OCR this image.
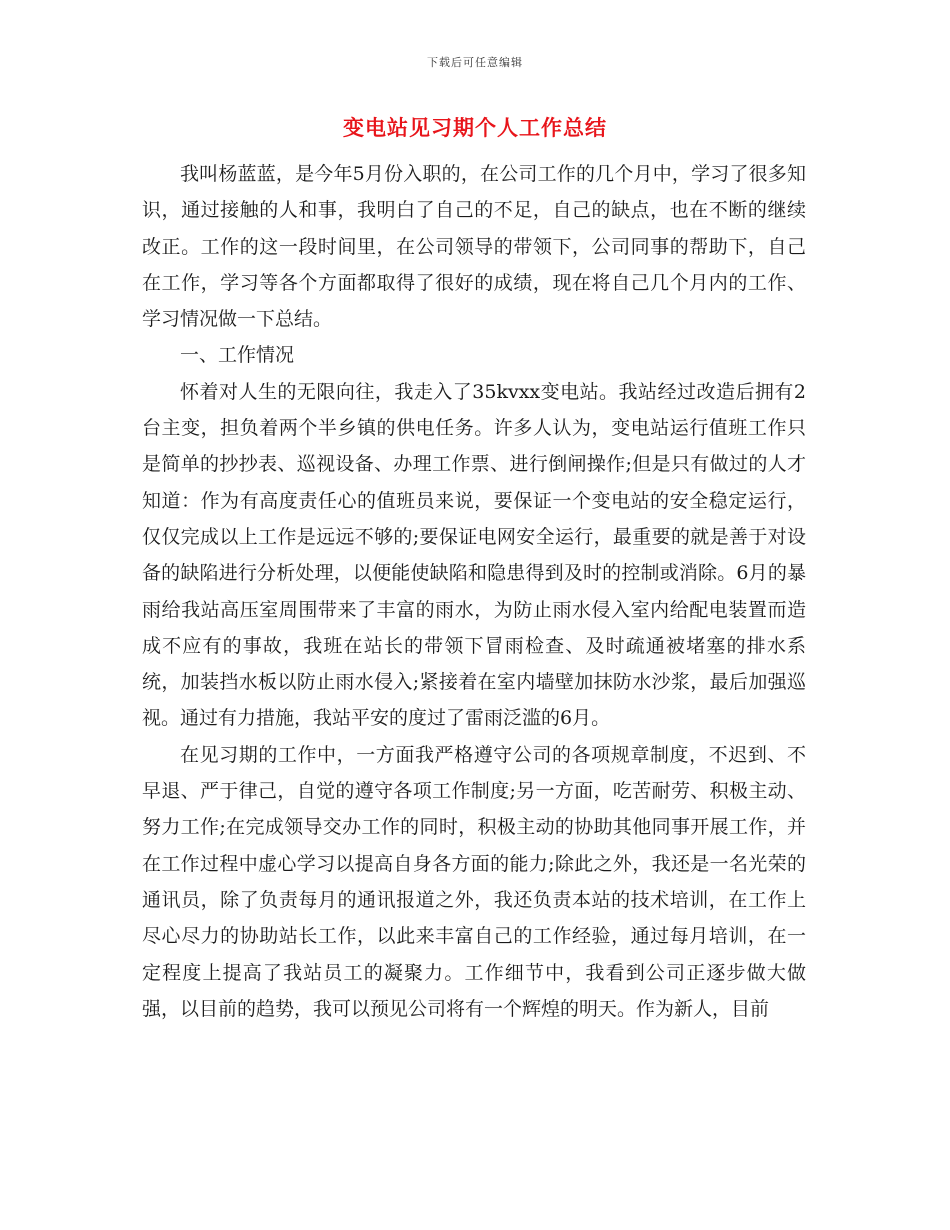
下载后可任意编辑
变电站见习期个人工作总结

我叫杨蓝蓝，是今年5月份入职的，在公司工作的几个月中，学习了很多知识，通过接触的人和事，我明白了自己的不足，自己的缺点，也在不断的继续改正。工作的这一段时间里，在公司领导的带领下，公司同事的帮助下，自己在工作，学习等各个方面都取得了很好的成绩，现在将自己几个月内的工作、学习情况做一下总结。

一、工作情况

怀着对人生的无限向往，我走入了35kvxx变电站。我站经过改造后拥有2台主变，担负着两个半乡镇的供电任务。许多人认为，变电站运行值班工作只是简单的抄抄表、巡视设备、办理工作票、进行倒闸操作;但是只有做过的人才知道：作为有高度责任心的值班员来说，要保证一个变电站的安全稳定运行，仅仅完成以上工作是远远不够的;要保证电网安全运行，最重要的就是善于对设备的缺陷进行分析处理，以便能使缺陷和隐患得到及时的控制或消除。6月的暴雨给我站高压室周围带来了丰富的雨水，为防止雨水侵入室内给配电装置而造成不应有的事故，我班在站长的带领下冒雨检查、及时疏通被堵塞的排水系统，加装挡水板以防止雨水侵入;紧接着在室内墙壁加抹防水沙浆，最后加强巡视。通过有力措施，我站平安的度过了雷雨泛滥的6月。

在见习期的工作中，一方面我严格遵守公司的各项规章制度，不迟到、不早退、严于律己，自觉的遵守各项工作制度;另一方面，吃苦耐劳、积极主动、努力工作;在完成领导交办工作的同时，积极主动的协助其他同事开展工作，并在工作过程中虚心学习以提高自身各方面的能力;除此之外，我还是一名光荣的通讯员，除了负责每月的通讯报道之外，我还负责本站的技术培训，在工作上尽心尽力的协助站长工作，以此来丰富自己的工作经验，通过每月培训，在一定程度上提高了我站员工的凝聚力。工作细节中，我看到公司正逐步做大做强，以目前的趋势，我可以预见公司将有一个辉煌的明天。作为新人，目前
